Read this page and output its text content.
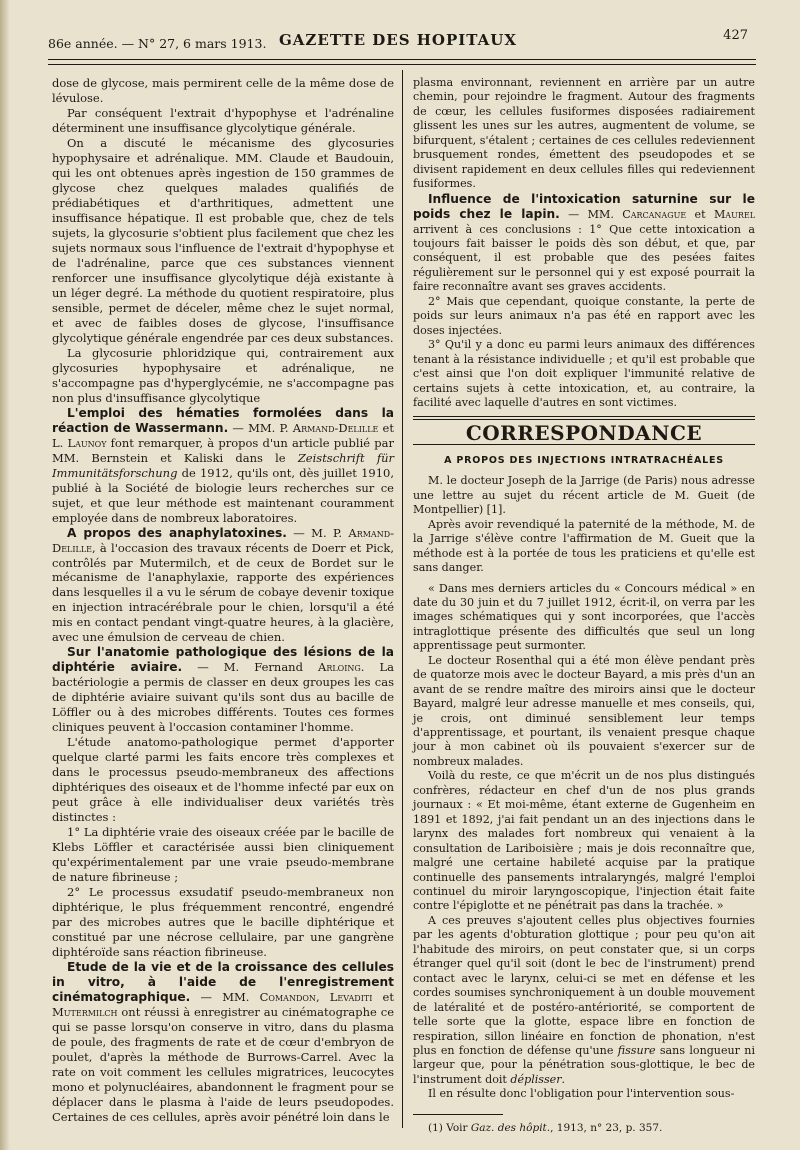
86e année. — N° 27, 6 mars 1913. GAZETTE DES HOPITAUX	427

dose de glycose, mais permirent celle de la même dose de lévulose.

Par conséquent l'extrait d'hypophyse et l'adrénaline déterminent une insuffisance glycolytique générale.

On a discuté le mécanisme des glycosuries hypophysaire et adrénalique. MM. Claude et Baudouin, qui les ont obtenues après ingestion de 150 grammes de glycose chez quelques malades qualifiés de prédiabétiques et d'arthritiques, admettent une insuffisance hépatique. Il est probable que, chez de tels sujets, la glycosurie s'obtient plus facilement que chez les sujets normaux sous l'influence de l'extrait d'hypophyse et de l'adrénaline, parce que ces substances viennent renforcer une insuffisance glycolytique déjà existante à un léger degré. La méthode du quotient respiratoire, plus sensible, permet de déceler, même chez le sujet normal, et avec de faibles doses de glycose, l'insuffisance glycolytique générale engendrée par ces deux substances.

La glycosurie phloridzique qui, contrairement aux glycosuries hypophysaire et adrénalique, ne s'accompagne pas d'hyperglycémie, ne s'accompagne pas non plus d'insuffisance glycolytique

L'emploi des hématies formolées dans la réaction de Wassermann. — MM. P. Armand-Delille et L. Launoy font remarquer, à propos d'un article publié par MM. Bernstein et Kaliski dans le Zeistschrift für Immunitätsforschung de 1912, qu'ils ont, dès juillet 1910, publié à la Société de biologie leurs recherches sur ce sujet, et que leur méthode est maintenant couramment employée dans de nombreux laboratoires.

A propos des anaphylatoxines. — M. P. Armand-Delille, à l'occasion des travaux récents de Doerr et Pick, contrôlés par Mutermilch, et de ceux de Bordet sur le mécanisme de l'anaphylaxie, rapporte des expériences dans lesquelles il a vu le sérum de cobaye devenir toxique en injection intracérébrale pour le chien, lorsqu'il a été mis en contact pendant vingt-quatre heures, à la glacière, avec une émulsion de cerveau de chien.

Sur l'anatomie pathologique des lésions de la diphtérie aviaire. — M. Fernand Arloing. La bactériologie a permis de classer en deux groupes les cas de diphtérie aviaire suivant qu'ils sont dus au bacille de Löffler ou à des microbes différents. Toutes ces formes cliniques peuvent à l'occasion contaminer l'homme.

L'étude anatomo-pathologique permet d'apporter quelque clarté parmi les faits encore très complexes et dans le processus pseudo-membraneux des affections diphtériques des oiseaux et de l'homme infecté par eux on peut grâce à elle individualiser deux variétés très distinctes :

1° La diphtérie vraie des oiseaux créée par le bacille de Klebs Löffler et caractérisée aussi bien cliniquement qu'expérimentalement par une vraie pseudo-membrane de nature fibrineuse ;

2° Le processus exsudatif pseudo-membraneux non diphtérique, le plus fréquemment rencontré, engendré par des microbes autres que le bacille diphtérique et constitué par une nécrose cellulaire, par une gangrène diphtéroïde sans réaction fibrineuse.

Etude de la vie et de la croissance des cellules in vitro, à l'aide de l'enregistrement cinématographique. — MM. Comandon, Levaditi et Mutermilch ont réussi à enregistrer au cinématographe ce qui se passe lorsqu'on conserve in vitro, dans du plasma de poule, des fragments de rate et de cœur d'embryon de poulet, d'après la méthode de Burrows-Carrel. Avec la rate on voit comment les cellules migratrices, leucocytes mono et polynucléaires, abandonnent le fragment pour se déplacer dans le plasma à l'aide de leurs pseudopodes. Certaines de ces cellules, après avoir pénétré loin dans le

plasma environnant, reviennent en arrière par un autre chemin, pour rejoindre le fragment. Autour des fragments de cœur, les cellules fusiformes disposées radiairement glissent les unes sur les autres, augmentent de volume, se bifurquent, s'étalent ; certaines de ces cellules redeviennent brusquement rondes, émettent des pseudopodes et se divisent rapidement en deux cellules filles qui redeviennent fusiformes.

Influence de l'intoxication saturnine sur le poids chez le lapin. — MM. Carcanague et Maurel arrivent à ces conclusions : 1° Que cette intoxication a toujours fait baisser le poids dès son début, et que, par conséquent, il est probable que des pesées faites régulièrement sur le personnel qui y est exposé pourrait la faire reconnaître avant ses graves accidents.

2° Mais que cependant, quoique constante, la perte de poids sur leurs animaux n'a pas été en rapport avec les doses injectées.

3° Qu'il y a donc eu parmi leurs animaux des différences tenant à la résistance individuelle ; et qu'il est probable que c'est ainsi que l'on doit expliquer l'immunité relative de certains sujets à cette intoxication, et, au contraire, la facilité avec laquelle d'autres en sont victimes.

CORRESPONDANCE
A PROPOS DES INJECTIONS INTRATRACHÉALES

M. le docteur Joseph de la Jarrige (de Paris) nous adresse une lettre au sujet du récent article de M. Gueit (de Montpellier) [1].

Après avoir revendiqué la paternité de la méthode, M. de la Jarrige s'élève contre l'affirmation de M. Gueit que la méthode est à la portée de tous les praticiens et qu'elle est sans danger.

« Dans mes derniers articles du « Concours médical » en date du 30 juin et du 7 juillet 1912, écrit-il, on verra par les images schématiques qui y sont incorporées, que l'accès intraglottique présente des difficultés que seul un long apprentissage peut surmonter.

Le docteur Rosenthal qui a été mon élève pendant près de quatorze mois avec le docteur Bayard, a mis près d'un an avant de se rendre maître des miroirs ainsi que le docteur Bayard, malgré leur adresse manuelle et mes conseils, qui, je crois, ont diminué sensiblement leur temps d'apprentissage, et pourtant, ils venaient presque chaque jour à mon cabinet où ils pouvaient s'exercer sur de nombreux malades.

Voilà du reste, ce que m'écrit un de nos plus distingués confrères, rédacteur en chef d'un de nos plus grands journaux : « Et moi-même, étant externe de Gugenheim en 1891 et 1892, j'ai fait pendant un an des injections dans le larynx des malades fort nombreux qui venaient à la consultation de Lariboisière ; mais je dois reconnaître que, malgré une certaine habileté acquise par la pratique continuelle des pansements intralaryngés, malgré l'emploi continuel du miroir laryngoscopique, l'injection était faite contre l'épiglotte et ne pénétrait pas dans la trachée. »

A ces preuves s'ajoutent celles plus objectives fournies par les agents d'obturation glottique ; pour peu qu'on ait l'habitude des miroirs, on peut constater que, si un corps étranger quel qu'il soit (dont le bec de l'instrument) prend contact avec le larynx, celui-ci se met en défense et les cordes soumises synchroniquement à un double mouvement de latéralité et de postéro-antériorité, se comportent de telle sorte que la glotte, espace libre en fonction de respiration, sillon linéaire en fonction de phonation, n'est plus en fonction de défense qu'une fissure sans longueur ni largeur que, pour la pénétration sous-glottique, le bec de l'instrument doit déplisser.

Il en résulte donc l'obligation pour l'intervention sous-

(1) Voir Gaz. des hôpit., 1913, n° 23, p. 357.
